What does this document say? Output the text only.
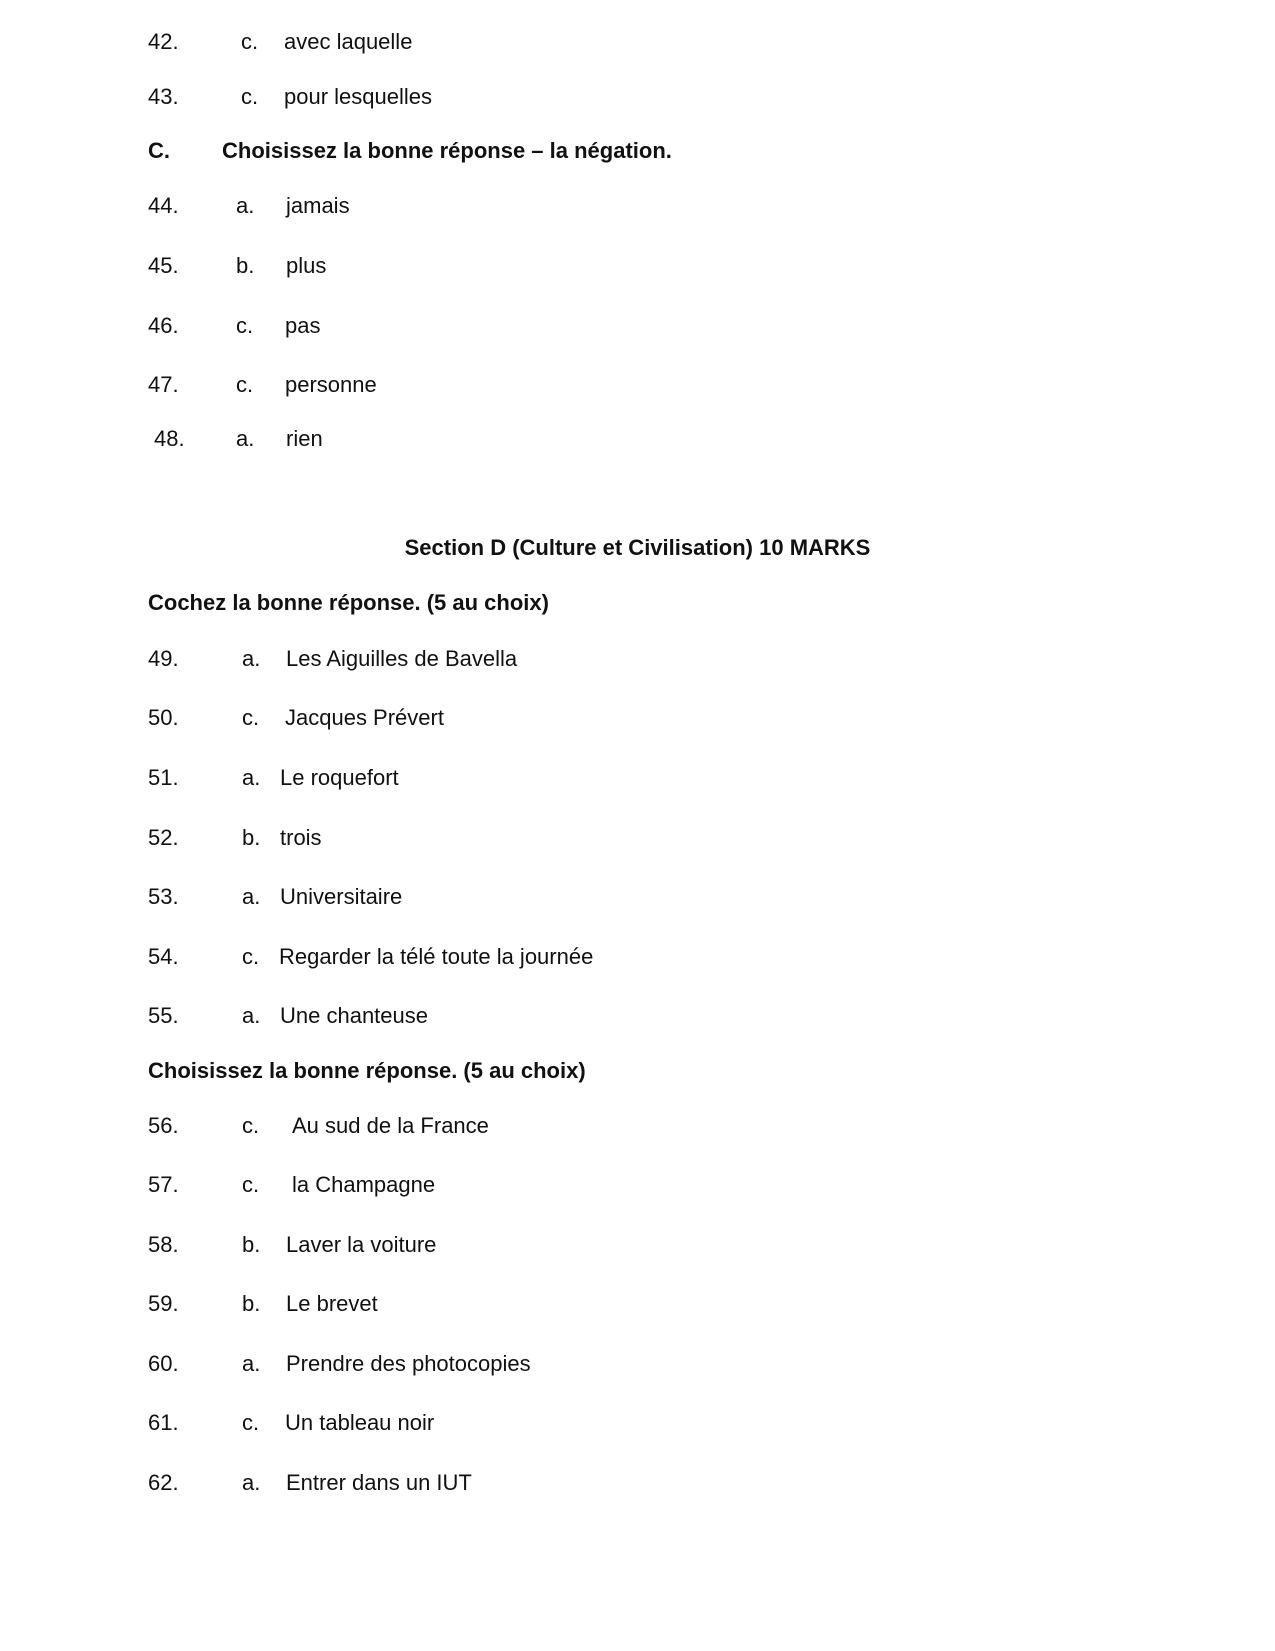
42.	c. avec laquelle
43.	c. pour lesquelles
C. Choisissez la bonne réponse – la négation.
44.	a. jamais
45.	b. plus
46.	c. pas
47.	c. personne
48. a. rien
Section D (Culture et Civilisation) 10 MARKS
Cochez la bonne réponse. (5 au choix)
49.	a. Les Aiguilles de Bavella
50.	c. Jacques Prévert
51.	a. Le roquefort
52.	b. trois
53.	a. Universitaire
54.	c. Regarder la télé toute la journée
55.	a. Une chanteuse
Choisissez la bonne réponse. (5 au choix)
56.	c. Au sud de la France
57.	c. la Champagne
58.	b. Laver la voiture
59.	b. Le brevet
60.	a. Prendre des photocopies
61.	c. Un tableau noir
62.	a. Entrer dans un IUT
